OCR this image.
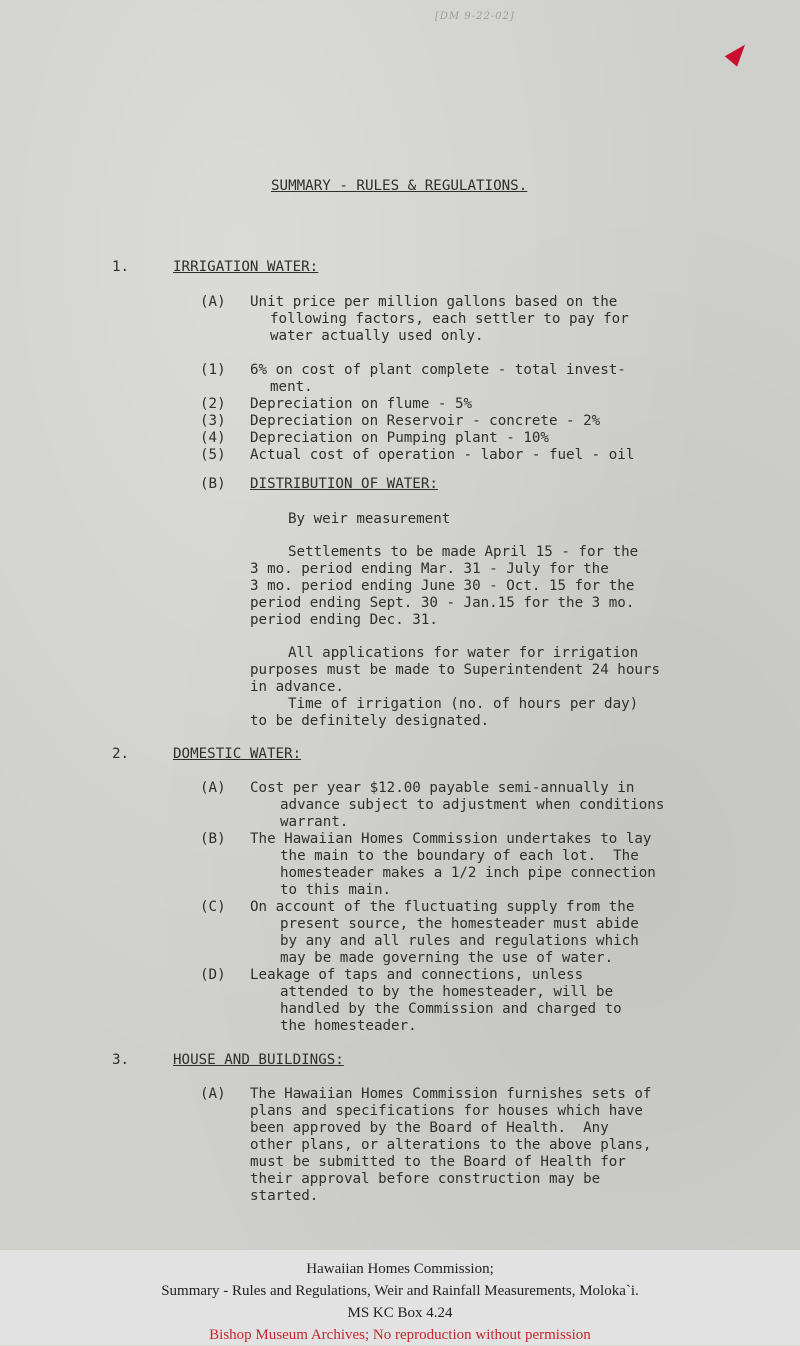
[DM 9-22-02]
SUMMARY - RULES & REGULATIONS.
1.	IRRIGATION WATER:
(A) Unit price per million gallons based on the
following factors, each settler to pay for
water actually used only.
(1) 6% on cost of plant complete - total invest-
ment.
(2) Depreciation on flume - 5%
(3) Depreciation on Reservoir - concrete - 2%
(4) Depreciation on Pumping plant - 10%
(5) Actual cost of operation - labor - fuel - oil
(B) DISTRIBUTION OF WATER:
By weir measurement
Settlements to be made April 15 - for the
3 mo. period ending Mar. 31 - July for the
3 mo. period ending June 30 - Oct. 15 for the
period ending Sept. 30 - Jan.15 for the 3 mo.
period ending Dec. 31.
All applications for water for irrigation
purposes must be made to Superintendent 24 hours
in advance.
Time of irrigation (no. of hours per day)
to be definitely designated.
2.	DOMESTIC WATER:
(A) Cost per year $12.00 payable semi-annually in
advance subject to adjustment when conditions
warrant.
(B) The Hawaiian Homes Commission undertakes to lay
the main to the boundary of each lot.  The
homesteader makes a 1/2 inch pipe connection
to this main.
(C) On account of the fluctuating supply from the
present source, the homesteader must abide
by any and all rules and regulations which
may be made governing the use of water.
(D) Leakage of taps and connections, unless
attended to by the homesteader, will be
handled by the Commission and charged to
the homesteader.
3.	HOUSE AND BUILDINGS:
(A) The Hawaiian Homes Commission furnishes sets of
plans and specifications for houses which have
been approved by the Board of Health.  Any
other plans, or alterations to the above plans,
must be submitted to the Board of Health for
their approval before construction may be
started.
Hawaiian Homes Commission;
Summary - Rules and Regulations, Weir and Rainfall Measurements, Moloka`i.
MS KC Box 4.24
Bishop Museum Archives; No reproduction without permission
